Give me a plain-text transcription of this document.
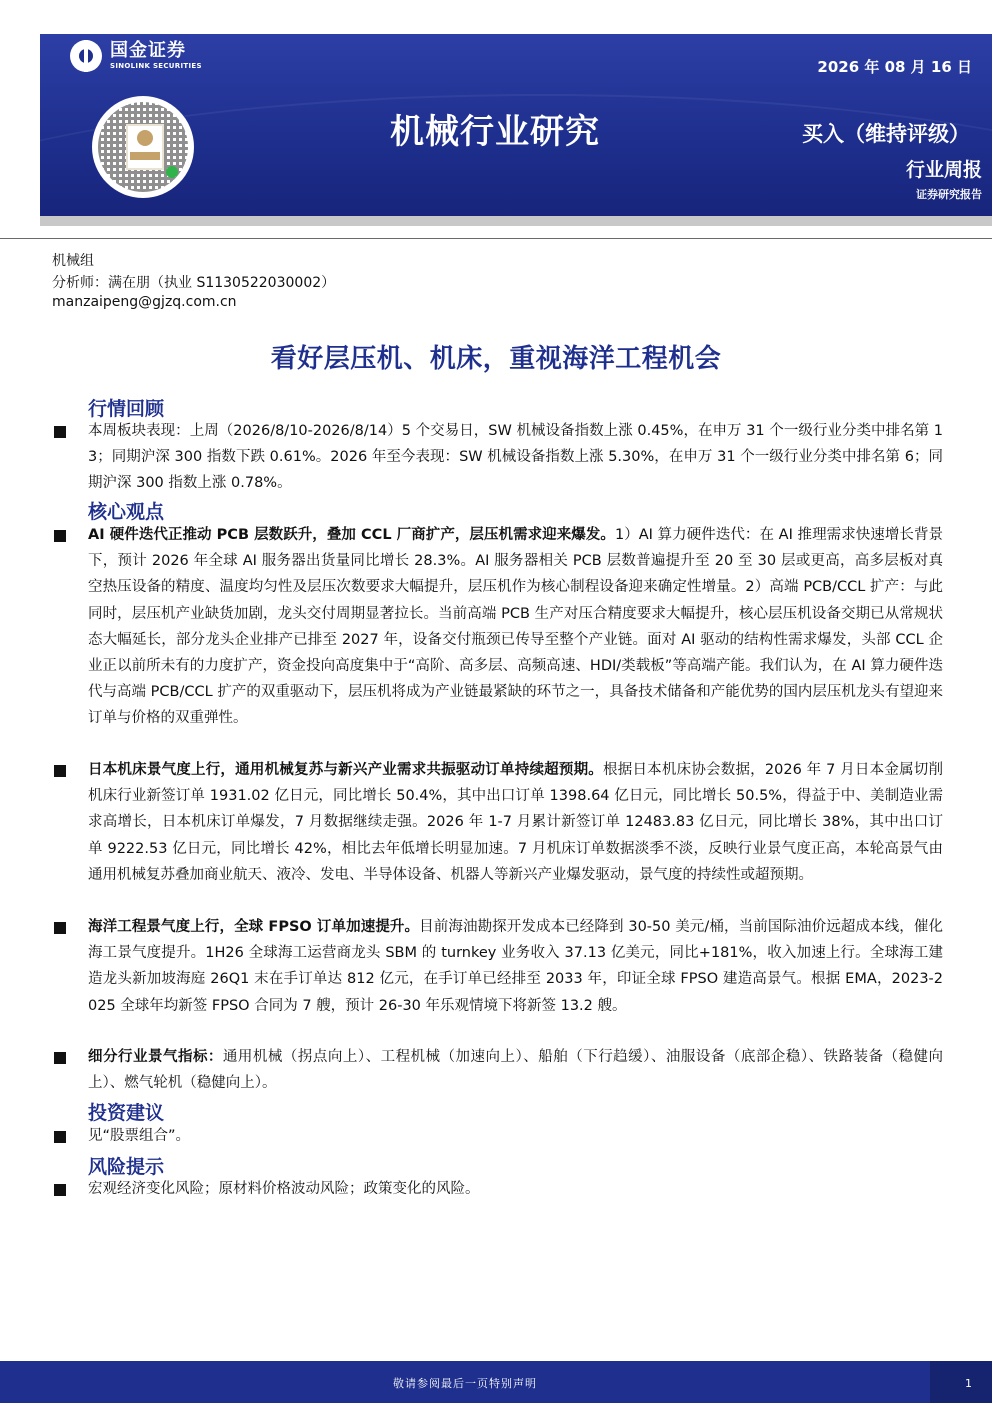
国金证券
SINOLINK SECURITIES
机械行业研究
2026 年 08 月 16 日
买入（维持评级）
行业周报
证券研究报告
机械组
分析师：满在朋（执业 S1130522030002）
manzaipeng@gjzq.com.cn
看好层压机、机床，重视海洋工程机会
行情回顾
本周板块表现：上周（2026/8/10-2026/8/14）5 个交易日，SW 机械设备指数上涨 0.45%，在申万 31 个一级行业分类中排名第 13；同期沪深 300 指数下跌 0.61%。2026 年至今表现：SW 机械设备指数上涨 5.30%，在申万 31 个一级行业分类中排名第 6；同期沪深 300 指数上涨 0.78%。
核心观点
AI 硬件迭代正推动 PCB 层数跃升，叠加 CCL 厂商扩产，层压机需求迎来爆发。1）AI 算力硬件迭代：在 AI 推理需求快速增长背景下，预计 2026 年全球 AI 服务器出货量同比增长 28.3%。AI 服务器相关 PCB 层数普遍提升至 20 至 30 层或更高，高多层板对真空热压设备的精度、温度均匀性及层压次数要求大幅提升，层压机作为核心制程设备迎来确定性增量。2）高端 PCB/CCL 扩产：与此同时，层压机产业缺货加剧，龙头交付周期显著拉长。当前高端 PCB 生产对压合精度要求大幅提升，核心层压机设备交期已从常规状态大幅延长，部分龙头企业排产已排至 2027 年，设备交付瓶颈已传导至整个产业链。面对 AI 驱动的结构性需求爆发，头部 CCL 企业正以前所未有的力度扩产，资金投向高度集中于“高阶、高多层、高频高速、HDI/类载板”等高端产能。我们认为，在 AI 算力硬件迭代与高端 PCB/CCL 扩产的双重驱动下，层压机将成为产业链最紧缺的环节之一，具备技术储备和产能优势的国内层压机龙头有望迎来订单与价格的双重弹性。
日本机床景气度上行，通用机械复苏与新兴产业需求共振驱动订单持续超预期。根据日本机床协会数据，2026 年 7 月日本金属切削机床行业新签订单 1931.02 亿日元，同比增长 50.4%，其中出口订单 1398.64 亿日元，同比增长 50.5%，得益于中、美制造业需求高增长，日本机床订单爆发，7 月数据继续走强。2026 年 1-7 月累计新签订单 12483.83 亿日元，同比增长 38%，其中出口订单 9222.53 亿日元，同比增长 42%，相比去年低增长明显加速。7 月机床订单数据淡季不淡，反映行业景气度正高，本轮高景气由通用机械复苏叠加商业航天、液冷、发电、半导体设备、机器人等新兴产业爆发驱动，景气度的持续性或超预期。
海洋工程景气度上行，全球 FPSO 订单加速提升。目前海油勘探开发成本已经降到 30-50 美元/桶，当前国际油价远超成本线，催化海工景气度提升。1H26 全球海工运营商龙头 SBM 的 turnkey 业务收入 37.13 亿美元，同比+181%，收入加速上行。全球海工建造龙头新加坡海庭 26Q1 末在手订单达 812 亿元，在手订单已经排至 2033 年，印证全球 FPSO 建造高景气。根据 EMA，2023-2025 全球年均新签 FPSO 合同为 7 艘，预计 26-30 年乐观情境下将新签 13.2 艘。
细分行业景气指标：通用机械（拐点向上）、工程机械（加速向上）、船舶（下行趋缓）、油服设备（底部企稳）、铁路装备（稳健向上）、燃气轮机（稳健向上）。
投资建议
见“股票组合”。
风险提示
宏观经济变化风险；原材料价格波动风险；政策变化的风险。
敬请参阅最后一页特别声明	1
